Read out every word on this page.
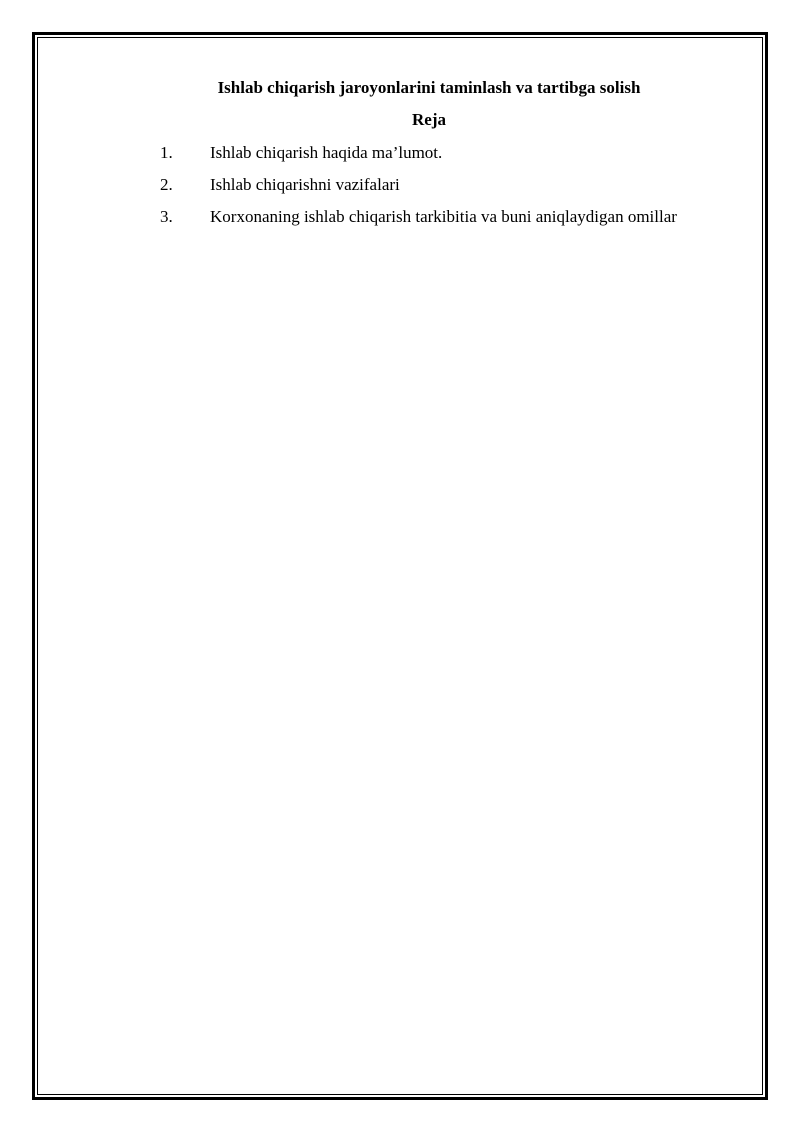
Ishlab chiqarish jaroyonlarini taminlash va tartibga solish
Reja
1.	Ishlab chiqarish haqida ma’lumot.
2.	Ishlab chiqarishni vazifalari
3.	Korxonaning ishlab chiqarish tarkibitia va buni aniqlaydigan omillar
